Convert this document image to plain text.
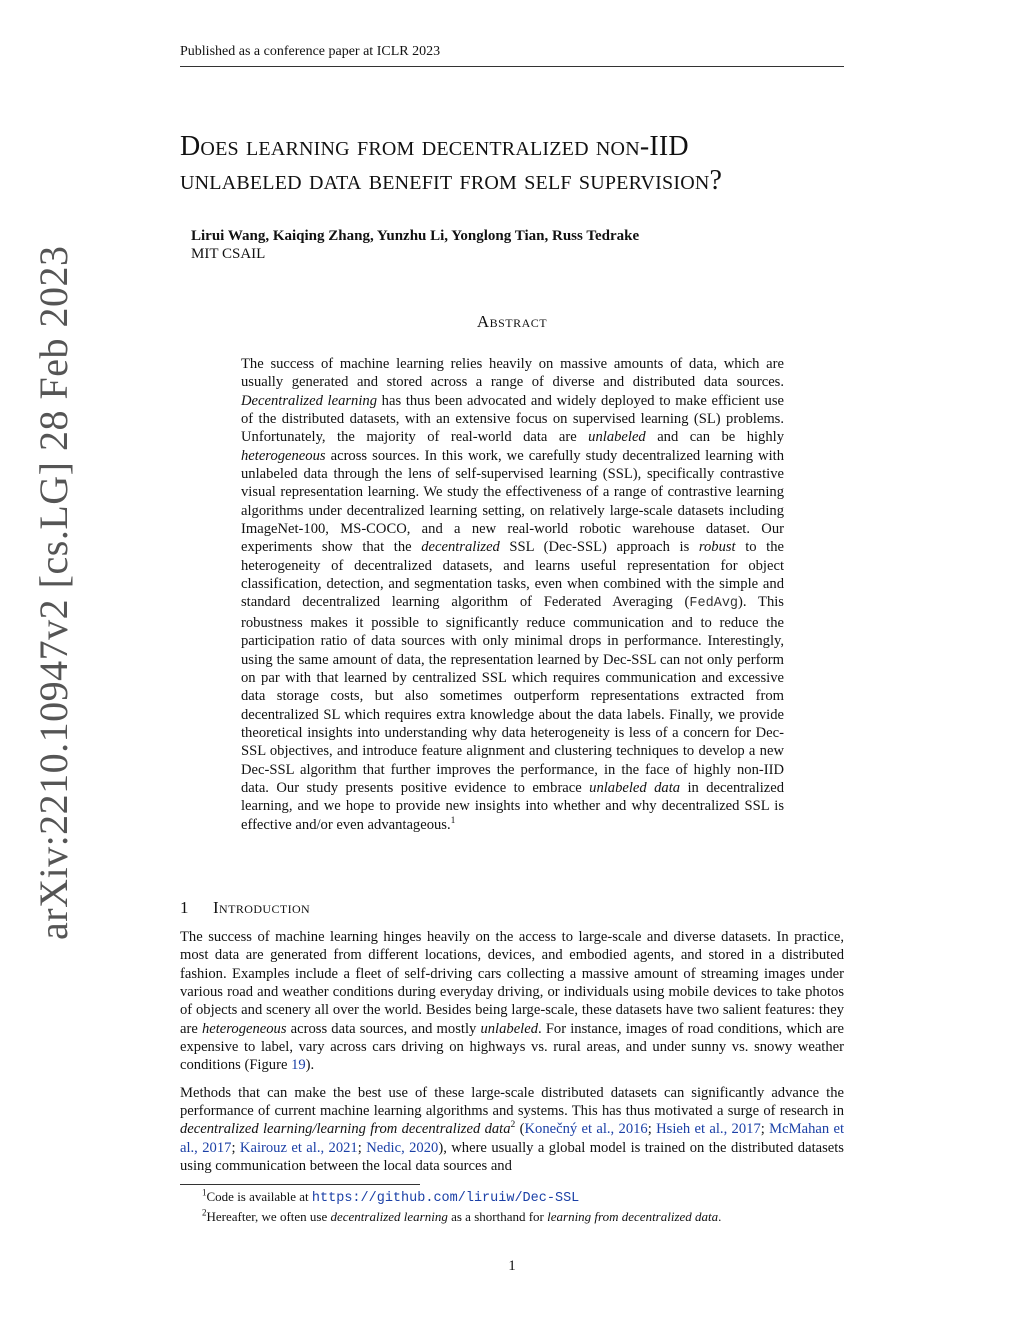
Published as a conference paper at ICLR 2023
Does learning from decentralized non-IID
unlabeled data benefit from self supervision?
Lirui Wang, Kaiqing Zhang, Yunzhu Li, Yonglong Tian, Russ Tedrake
MIT CSAIL
arXiv:2210.10947v2 [cs.LG] 28 Feb 2023	Abstract
The success of machine learning relies heavily on massive amounts of data, which are usually generated and stored across a range of diverse and distributed data sources. Decentralized learning has thus been advocated and widely deployed to make efficient use of the distributed datasets, with an extensive focus on supervised learning (SL) problems. Unfortunately, the majority of real-world data are unlabeled and can be highly heterogeneous across sources. In this work, we carefully study decentralized learning with unlabeled data through the lens of self-supervised learning (SSL), specifically contrastive visual representation learning. We study the effectiveness of a range of contrastive learning algorithms under decentralized learning setting, on relatively large-scale datasets including ImageNet-100, MS-COCO, and a new real-world robotic warehouse dataset. Our experiments show that the decentralized SSL (Dec-SSL) approach is robust to the heterogeneity of decentralized datasets, and learns useful representation for object classification, detection, and segmentation tasks, even when combined with the simple and standard decentralized learning algorithm of Federated Averaging (FedAvg). This robustness makes it possible to significantly reduce communication and to reduce the participation ratio of data sources with only minimal drops in performance. Interestingly, using the same amount of data, the representation learned by Dec-SSL can not only perform on par with that learned by centralized SSL which requires communication and excessive data storage costs, but also sometimes outperform representations extracted from decentralized SL which requires extra knowledge about the data labels. Finally, we provide theoretical insights into understanding why data heterogeneity is less of a concern for Dec-SSL objectives, and introduce feature alignment and clustering techniques to develop a new Dec-SSL algorithm that further improves the performance, in the face of highly non-IID data. Our study presents positive evidence to embrace unlabeled data in decentralized learning, and we hope to provide new insights into whether and why decentralized SSL is effective and/or even advantageous.$^1$
1 Introduction

The success of machine learning hinges heavily on the access to large-scale and diverse datasets. In practice, most data are generated from different locations, devices, and embodied agents, and stored in a distributed fashion. Examples include a fleet of self-driving cars collecting a massive amount of streaming images under various road and weather conditions during everyday driving, or individuals using mobile devices to take photos of objects and scenery all over the world. Besides being large-scale, these datasets have two salient features: they are heterogeneous across data sources, and mostly unlabeled. For instance, images of road conditions, which are expensive to label, vary across cars driving on highways vs. rural areas, and under sunny vs. snowy weather conditions (Figure 19).

Methods that can make the best use of these large-scale distributed datasets can significantly advance the performance of current machine learning algorithms and systems. This has thus motivated a surge of research in decentralized learning/learning from decentralized data$^2$ (Konečný et al., 2016; Hsieh et al., 2017; McMahan et al., 2017; Kairouz et al., 2021; Nedic, 2020), where usually a global model is trained on the distributed datasets using communication between the local data sources and

$^1$Code is available at https://github.com/liruiw/Dec-SSL
$^2$Hereafter, we often use decentralized learning as a shorthand for learning from decentralized data.
1
